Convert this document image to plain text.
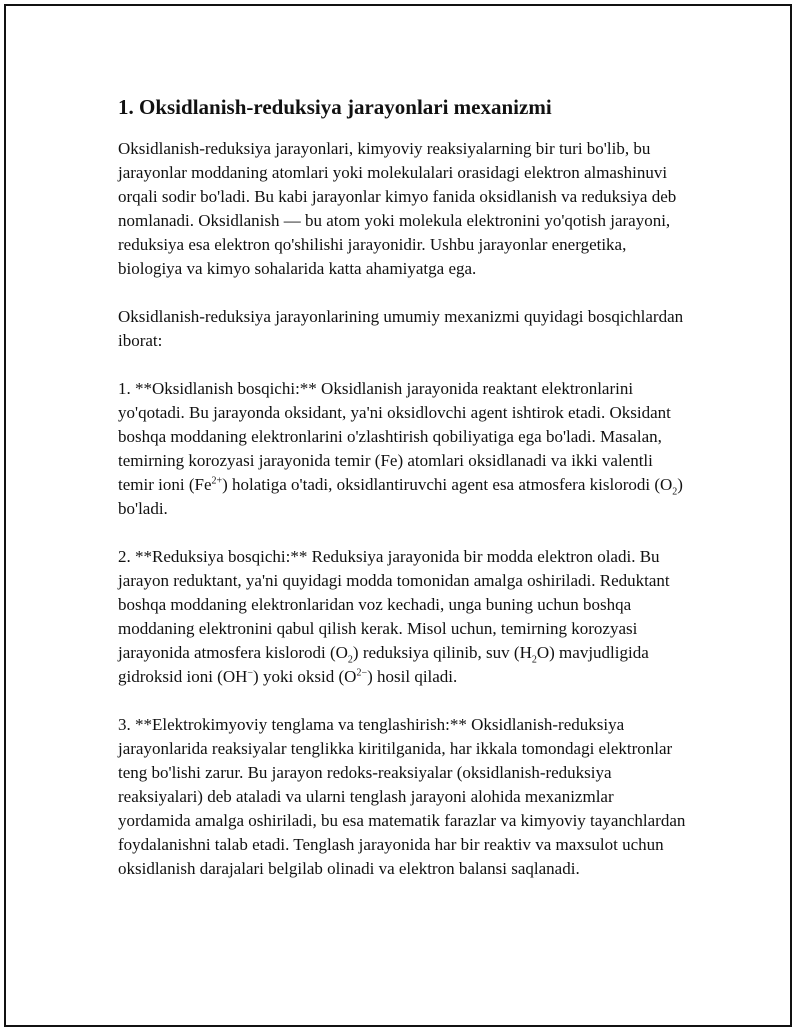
1. Oksidlanish-reduksiya jarayonlari mexanizmi

Oksidlanish-reduksiya jarayonlari, kimyoviy reaksiyalarning bir turi bo'lib, bu jarayonlar moddaning atomlari yoki molekulalari orasidagi elektron almashinuvi orqali sodir bo'ladi. Bu kabi jarayonlar kimyo fanida oksidlanish va reduksiya deb nomlanadi. Oksidlanish — bu atom yoki molekula elektronini yo'qotish jarayoni, reduksiya esa elektron qo'shilishi jarayonidir. Ushbu jarayonlar energetika, biologiya va kimyo sohalarida katta ahamiyatga ega.

Oksidlanish-reduksiya jarayonlarining umumiy mexanizmi quyidagi bosqichlardan iborat:

1. **Oksidlanish bosqichi:** Oksidlanish jarayonida reaktant elektronlarini yo'qotadi. Bu jarayonda oksidant, ya'ni oksidlovchi agent ishtirok etadi. Oksidant boshqa moddaning elektronlarini o'zlashtirish qobiliyatiga ega bo'ladi. Masalan, temirning korozyasi jarayonida temir (Fe) atomlari oksidlanadi va ikki valentli temir ioni $(Fe^{2+})$ holatiga o'tadi, oksidlantiruvchi agent esa atmosfera kislorodi $(O_2)$ bo'ladi.

2. **Reduksiya bosqichi:** Reduksiya jarayonida bir modda elektron oladi. Bu jarayon reduktant, ya'ni quyidagi modda tomonidan amalga oshiriladi. Reduktant boshqa moddaning elektronlaridan voz kechadi, unga buning uchun boshqa moddaning elektronini qabul qilish kerak. Misol uchun, temirning korozyasi jarayonida atmosfera kislorodi $(O_2)$ reduksiya qilinib, suv $(H_2O)$ mavjudligida gidroksid ioni (OH−) yoki oksid $(O^{2-})$ hosil qiladi.

3. **Elektrokimyoviy tenglama va tenglashirish:** Oksidlanish-reduksiya jarayonlarida reaksiyalar tenglikka kiritilganida, har ikkala tomondagi elektronlar teng bo'lishi zarur. Bu jarayon redoks-reaksiyalar (oksidlanish-reduksiya reaksiyalari) deb ataladi va ularni tenglash jarayoni alohida mexanizmlar yordamida amalga oshiriladi, bu esa matematik farazlar va kimyoviy tayanchlardan foydalanishni talab etadi. Tenglash jarayonida har bir reaktiv va maxsulot uchun oksidlanish darajalari belgilab olinadi va elektron balansi saqlanadi.
